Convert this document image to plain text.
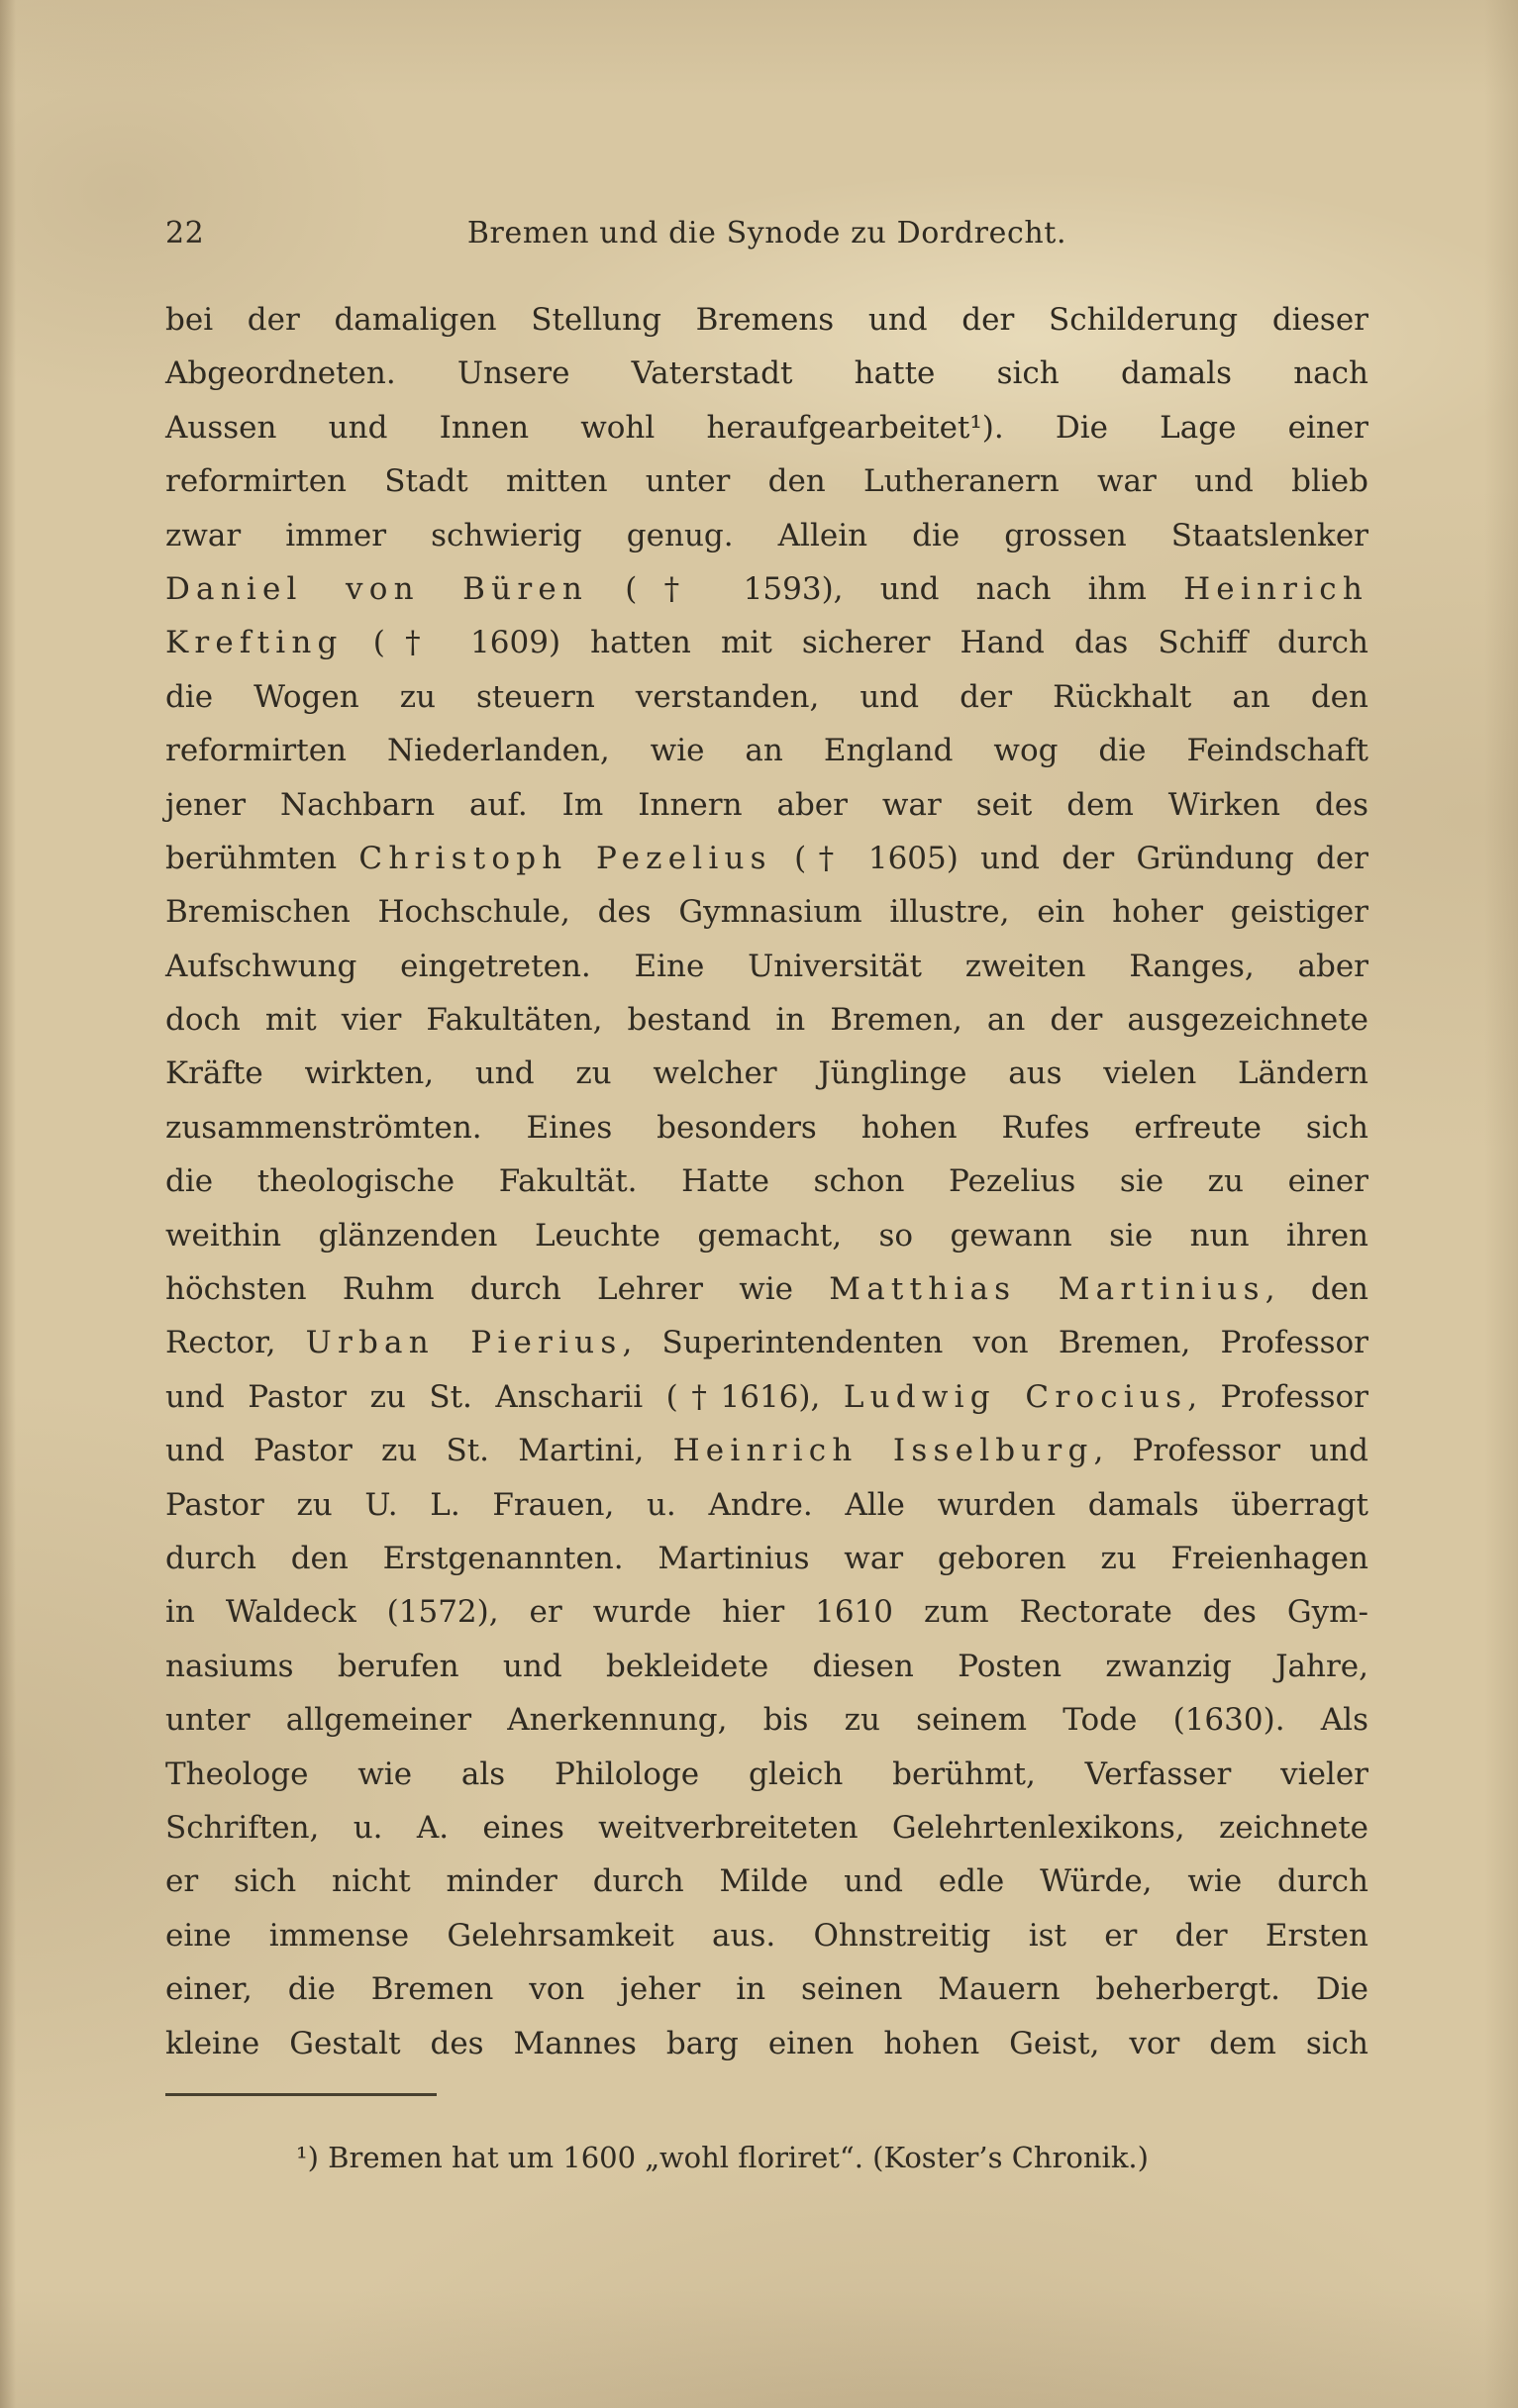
22	Bremen und die Synode zu Dordrecht.
bei der damaligen Stellung Bremens und der Schilderung dieser
Abgeordneten. Unsere Vaterstadt hatte sich damals nach
Aussen und Innen wohl heraufgearbeitet¹). Die Lage einer
reformirten Stadt mitten unter den Lutheranern war und blieb
zwar immer schwierig genug. Allein die grossen Staatslenker
Daniel von Büren († 1593), und nach ihm Heinrich
Krefting († 1609) hatten mit sicherer Hand das Schiff durch
die Wogen zu steuern verstanden, und der Rückhalt an den
reformirten Niederlanden, wie an England wog die Feindschaft
jener Nachbarn auf. Im Innern aber war seit dem Wirken des
berühmten Christoph Pezelius († 1605) und der Gründung der
Bremischen Hochschule, des Gymnasium illustre, ein hoher geistiger
Aufschwung eingetreten. Eine Universität zweiten Ranges, aber
doch mit vier Fakultäten, bestand in Bremen, an der ausgezeichnete
Kräfte wirkten, und zu welcher Jünglinge aus vielen Ländern
zusammenströmten. Eines besonders hohen Rufes erfreute sich
die theologische Fakultät. Hatte schon Pezelius sie zu einer
weithin glänzenden Leuchte gemacht, so gewann sie nun ihren
höchsten Ruhm durch Lehrer wie Matthias Martinius, den
Rector, Urban Pierius, Superintendenten von Bremen, Professor
und Pastor zu St. Anscharii (†1616), Ludwig Crocius, Professor
und Pastor zu St. Martini, Heinrich Isselburg, Professor und
Pastor zu U. L. Frauen, u. Andre. Alle wurden damals überragt
durch den Erstgenannten. Martinius war geboren zu Freienhagen
in Waldeck (1572), er wurde hier 1610 zum Rectorate des Gym-
nasiums berufen und bekleidete diesen Posten zwanzig Jahre,
unter allgemeiner Anerkennung, bis zu seinem Tode (1630). Als
Theologe wie als Philologe gleich berühmt, Verfasser vieler
Schriften, u. A. eines weitverbreiteten Gelehrtenlexikons, zeichnete
er sich nicht minder durch Milde und edle Würde, wie durch
eine immense Gelehrsamkeit aus. Ohnstreitig ist er der Ersten
einer, die Bremen von jeher in seinen Mauern beherbergt. Die
kleine Gestalt des Mannes barg einen hohen Geist, vor dem sich
¹) Bremen hat um 1600 „wohl floriret“. (Koster’s Chronik.)
